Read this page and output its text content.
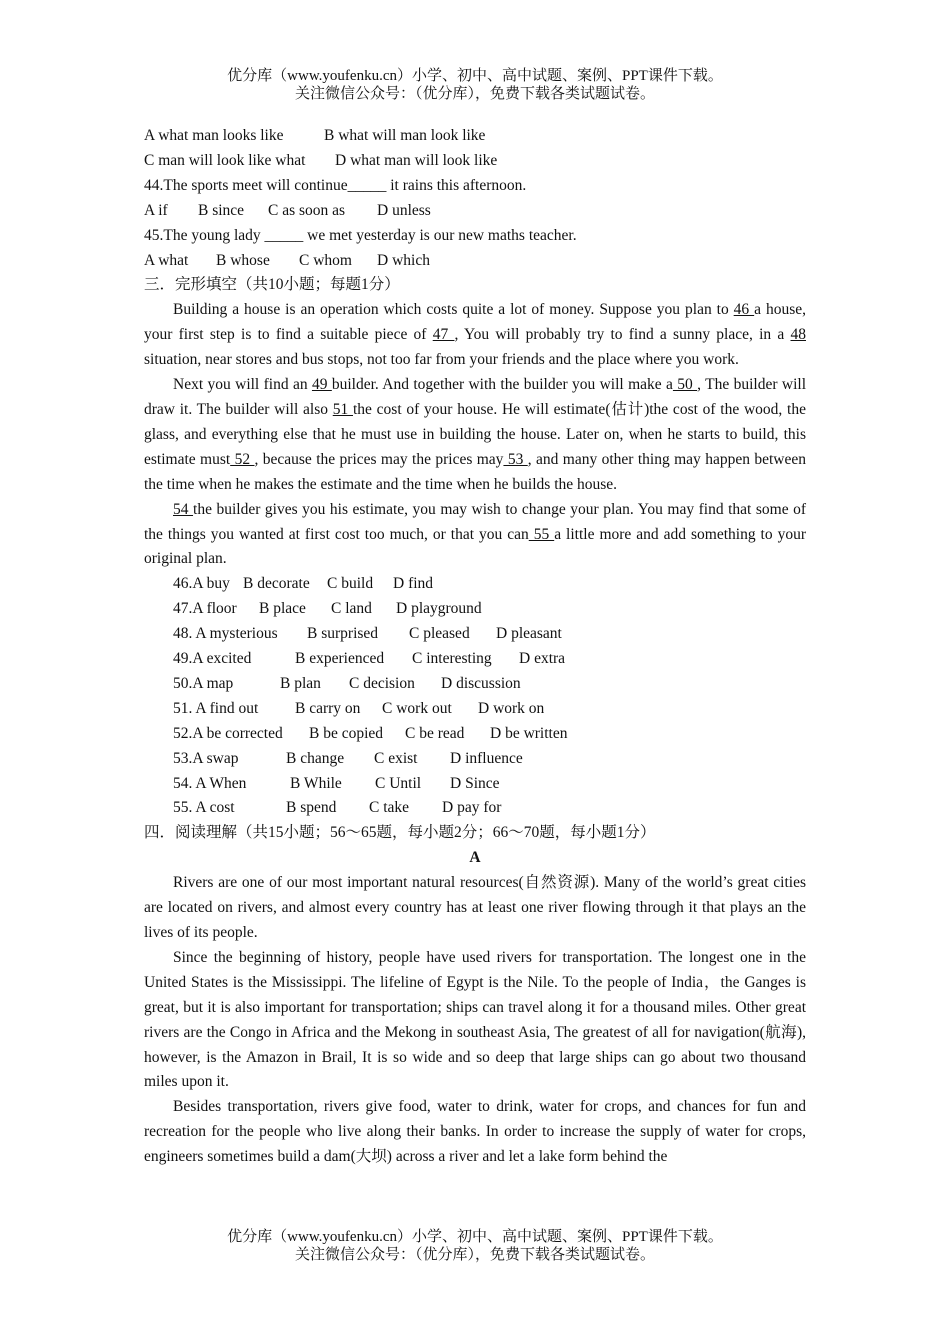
优分库（www.youfenku.cn）小学、初中、高中试题、案例、PPT课件下载。
关注微信公众号：（优分库），免费下载各类试题试卷。
A what man looks like	B what will man look like
C man will look like what D what man will look like
44.The sports meet will continue_____ it rains this afternoon.
A if B since C as soon as D unless
45.The young lady _____ we met yesterday is our new maths teacher.
A what B whose C whom D which
三．完形填空（共10小题；每题1分）

Building a house is an operation which costs quite a lot of money. Suppose you plan to 46 a house, your first step is to find a suitable piece of 47 , You will probably try to find a sunny place, in a 48 situation, near stores and bus stops, not too far from your friends and the place where you work.

Next you will find an 49 builder. And together with the builder you will make a 50 , The builder will draw it. The builder will also 51 the cost of your house. He will estimate(估计)the cost of the wood, the glass, and everything else that he must use in building the house. Later on, when he starts to build, this estimate must 52 , because the prices may the prices may 53 , and many other thing may happen between the time when he makes the estimate and the time when he builds the house.

54 the builder gives you his estimate, you may wish to change your plan. You may find that some of the things you wanted at first cost too much, or that you can 55 a little more and add something to your original plan.

46.A buy B decorate C build D find
47.A floor B place C land D playground
48. A mysterious B surprised C pleased D pleasant
49.A excited	B experienced C interesting D extra
50.A map	B plan C decision D discussion
51. A find out B carry on C work out D work on
52.A be corrected B be copied C be read D be written
53.A swap	B change C exist D influence
54. A When	B While C Until D Since
55. A cost	B spend C take D pay for
四．阅读理解（共15小题；56～65题，每小题2分；66～70题，每小题1分）
A

Rivers are one of our most important natural resources(自然资源). Many of the world’s great cities are located on rivers, and almost every country has at least one river flowing through it that plays an the lives of its people.

Since the beginning of history, people have used rivers for transportation. The longest one in the United States is the Mississippi. The lifeline of Egypt is the Nile. To the people of India，the Ganges is great, but it is also important for transportation; ships can travel along it for a thousand miles. Other great rivers are the Congo in Africa and the Mekong in southeast Asia, The greatest of all for navigation(航海), however, is the Amazon in Brail, It is so wide and so deep that large ships can go about two thousand miles upon it.

Besides transportation, rivers give food, water to drink, water for crops, and chances for fun and recreation for the people who live along their banks. In order to increase the supply of water for crops, engineers sometimes build a dam(大坝) across a river and let a lake form behind the

优分库（www.youfenku.cn）小学、初中、高中试题、案例、PPT课件下载。
关注微信公众号：（优分库），免费下载各类试题试卷。
